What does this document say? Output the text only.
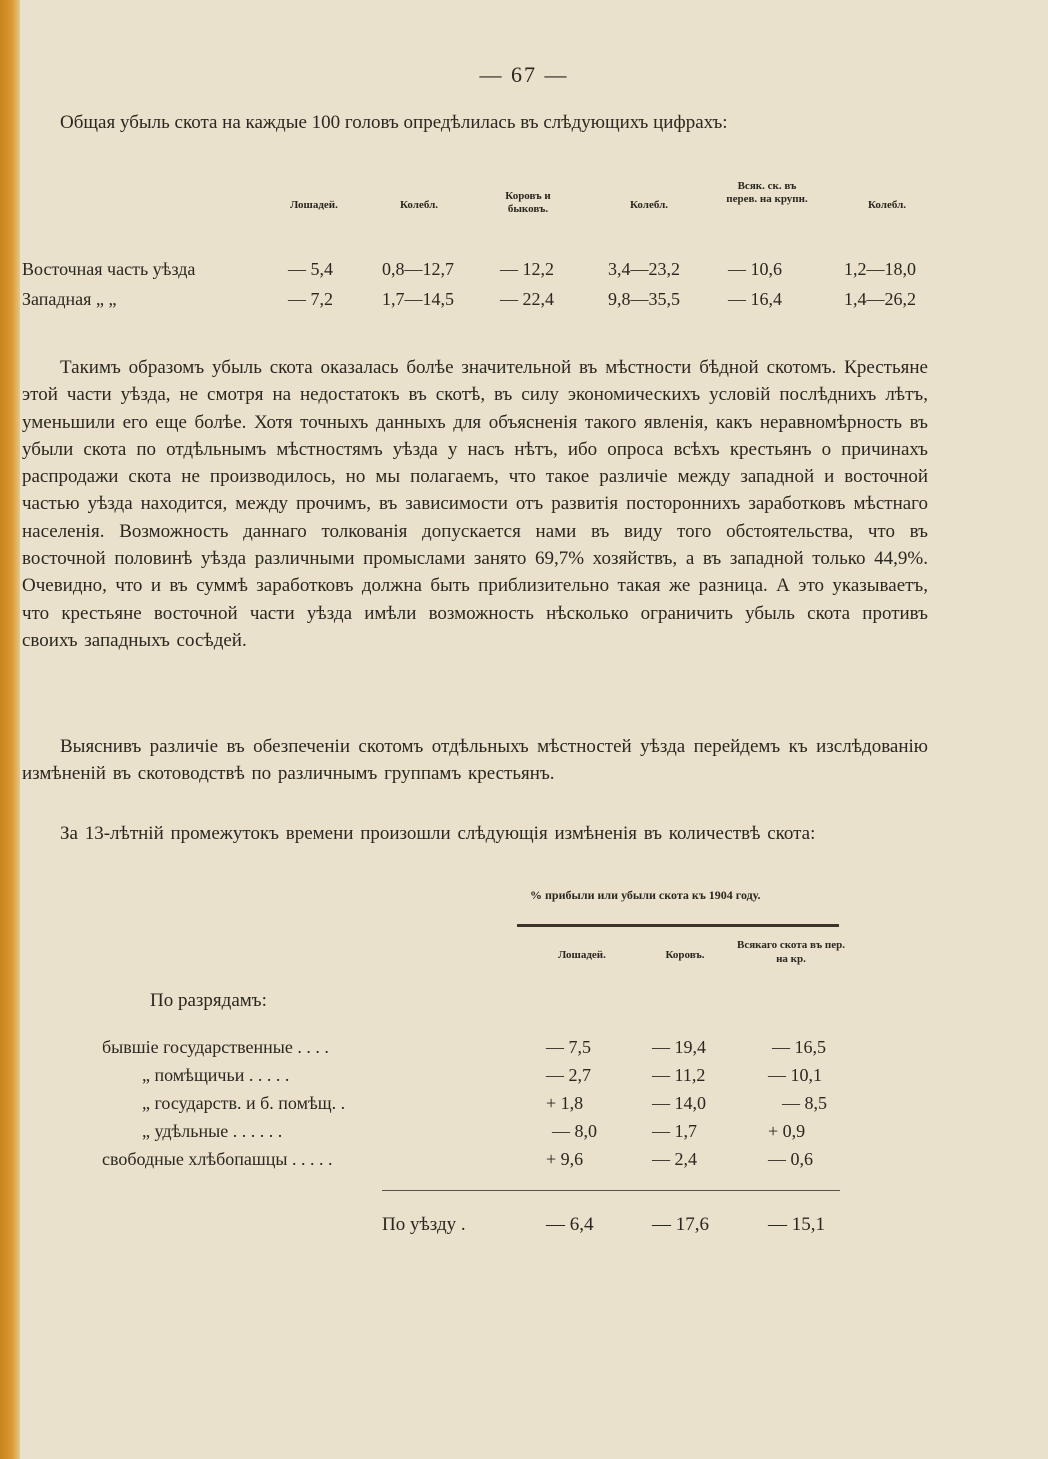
— 67 —
Общая убыль скота на каждые 100 головъ опредѣлилась въ слѣдующихъ цифрахъ:
Лошадей.	Колебл.
Коровъ и быковъ.	Колебл.
Всяк. ск. въ перев. на крупн.	Колебл.
Восточная часть уѣзда	— 5,4	0,8—12,7	— 12,2	3,4—23,2	— 10,6	1,2—18,0
Западная „ „	— 7,2	1,7—14,5	— 22,4	9,8—35,5	— 16,4	1,4—26,2
Такимъ образомъ убыль скота оказалась болѣе значительной въ мѣстности бѣдной скотомъ. Крестьяне этой части уѣзда, не смотря на недостатокъ въ скотѣ, въ силу экономическихъ условій послѣднихъ лѣтъ, уменьшили его еще болѣе. Хотя точныхъ данныхъ для объясненія такого явленія, какъ неравномѣрность въ убыли скота по отдѣльнымъ мѣстностямъ уѣзда у насъ нѣтъ, ибо опроса всѣхъ крестьянъ о причинахъ распродажи скота не производилось, но мы полагаемъ, что такое различіе между западной и восточной частью уѣзда находится, между прочимъ, въ зависимости отъ развитія постороннихъ заработковъ мѣстнаго населенія. Возможность даннаго толкованія допускается нами въ виду того обстоятельства, что въ восточной половинѣ уѣзда различными промыслами занято 69,7% хозяйствъ, а въ западной только 44,9%. Очевидно, что и въ суммѣ заработковъ должна быть приблизительно такая же разница. А это указываетъ, что крестьяне восточной части уѣзда имѣли возможность нѣсколько ограничить убыль скота противъ своихъ западныхъ сосѣдей.
Выяснивъ различіе въ обезпеченіи скотомъ отдѣльныхъ мѣстностей уѣзда перейдемъ къ изслѣдованію измѣненій въ скотоводствѣ по различнымъ группамъ крестьянъ.
За 13-лѣтній промежутокъ времени произошли слѣдующія измѣненія въ количествѣ скота:
% прибыли или убыли скота къ 1904 году.
Лошадей.	Коровъ.
Всякаго скота въ пер. на кр.
По разрядамъ:
бывшіе государственные . . . .	— 7,5	— 19,4	— 16,5
„ помѣщичьи . . . . .	— 2,7	— 11,2	— 10,1
„ государств. и б. помѣщ. .	+ 1,8	— 14,0	— 8,5
„ удѣльные . . . . . .	— 8,0	— 1,7	+ 0,9
свободные хлѣбопашцы . . . . .	+ 9,6	— 2,4	— 0,6
По уѣзду .	— 6,4	— 17,6	— 15,1
